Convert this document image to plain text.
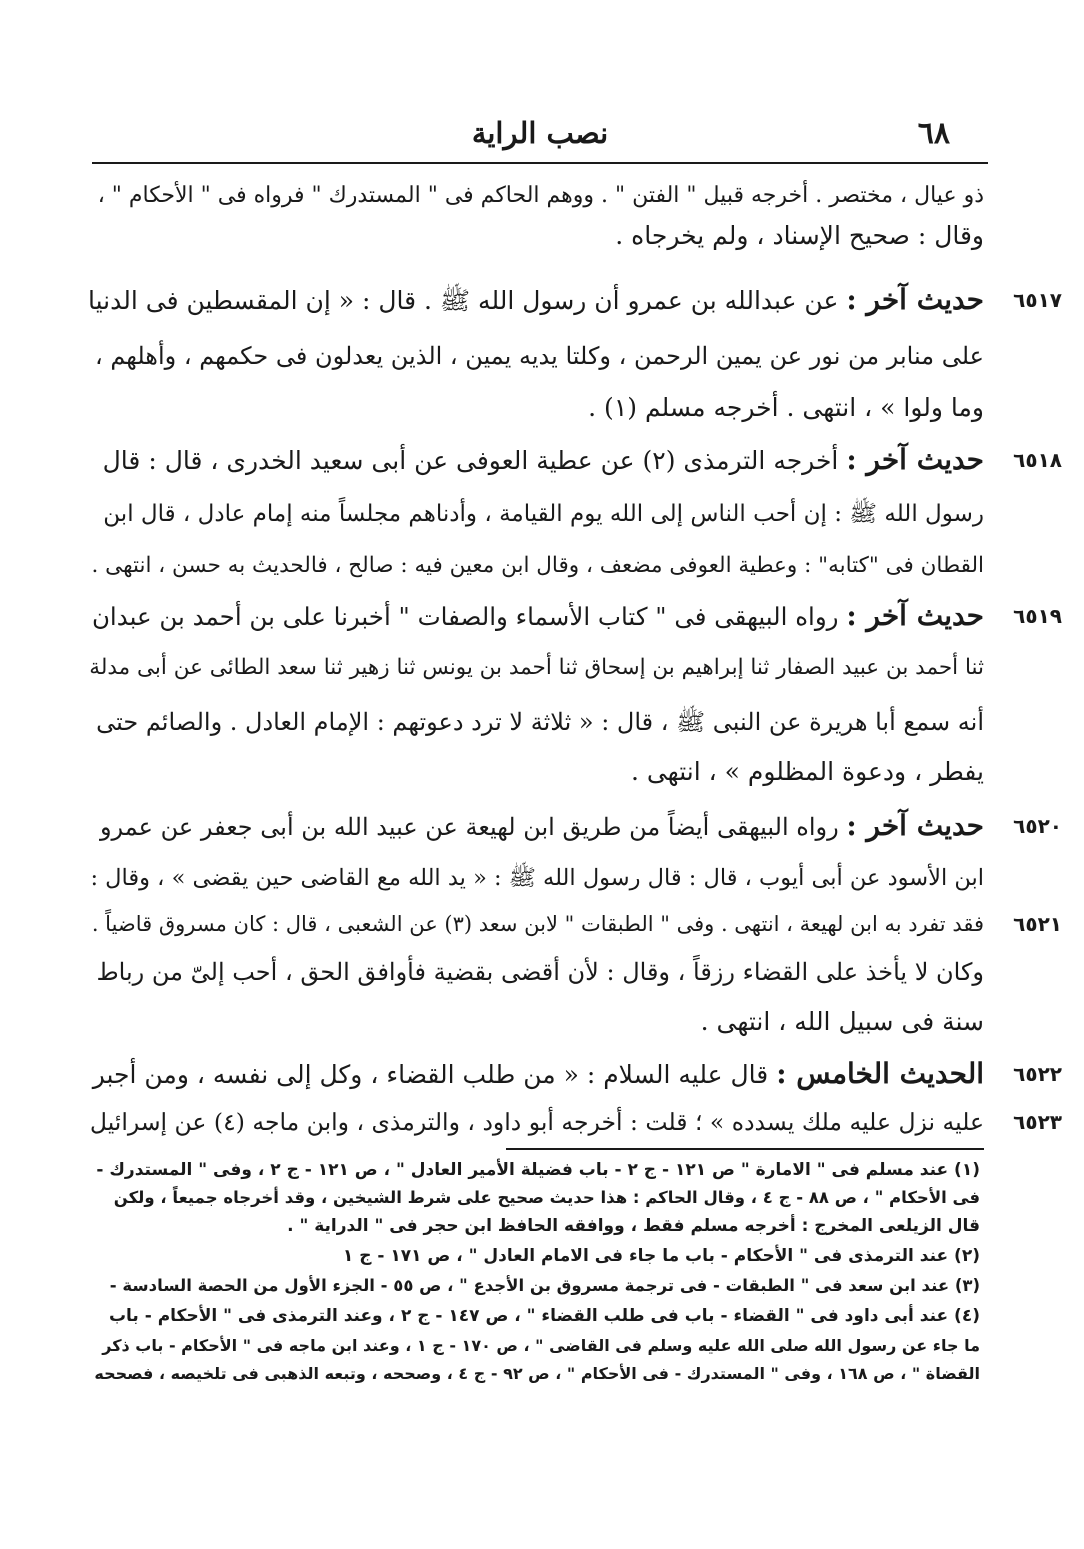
٦٨
نصب الراية
ذو عيال ، مختصر . أخرجه قبيل " الفتن " . ووهم الحاكم فى " المستدرك " فرواه فى " الأحكام " ،
وقال : صحيح الإسناد ، ولم يخرجاه .
٦٥١٧
حديث آخر : عن عبدالله بن عمرو أن رسول الله ﷺ . قال : « إن المقسطين فى الدنيا
على منابر من نور عن يمين الرحمن ، وكلتا يديه يمين ، الذين يعدلون فى حكمهم ، وأهلهم ،
وما ولوا » ، انتهى . أخرجه مسلم (١) .
٦٥١٨
حديث آخر : أخرجه الترمذى (٢) عن عطية العوفى عن أبى سعيد الخدرى ، قال : قال
رسول الله ﷺ : إن أحب الناس إلى الله يوم القيامة ، وأدناهم مجلساً منه إمام عادل ، قال ابن
القطان فى "كتابه" : وعطية العوفى مضعف ، وقال ابن معين فيه : صالح ، فالحديث به حسن ، انتهى .
٦٥١٩
حديث آخر : رواه البيهقى فى " كتاب الأسماء والصفات " أخبرنا على بن أحمد بن عبدان
ثنا أحمد بن عبيد الصفار ثنا إبراهيم بن إسحاق ثنا أحمد بن يونس ثنا زهير ثنا سعد الطائى عن أبى مدلة
أنه سمع أبا هريرة عن النبى ﷺ ، قال : « ثلاثة لا ترد دعوتهم : الإمام العادل . والصائم حتى
يفطر ، ودعوة المظلوم » ، انتهى .
٦٥٢٠
حديث آخر : رواه البيهقى أيضاً من طريق ابن لهيعة عن عبيد الله بن أبى جعفر عن عمرو
ابن الأسود عن أبى أيوب ، قال : قال رسول الله ﷺ : « يد الله مع القاضى حين يقضى » ، وقال :
٦٥٢١
فقد تفرد به ابن لهيعة ، انتهى . وفى " الطبقات " لابن سعد (٣) عن الشعبى ، قال : كان مسروق قاضياً .
وكان لا يأخذ على القضاء رزقاً ، وقال : لأن أقضى بقضية فأوافق الحق ، أحب إلىّ من رباط
سنة فى سبيل الله ، انتهى .
٦٥٢٢
الحديث الخامس : قال عليه السلام : « من طلب القضاء ، وكل إلى نفسه ، ومن أجبر
٦٥٢٣
عليه نزل عليه ملك يسدده » ؛ قلت : أخرجه أبو داود ، والترمذى ، وابن ماجه (٤) عن إسرائيل
(١) عند مسلم فى " الامارة " ص ١٢١ - ج ٢ - باب فضيلة الأمير العادل " ، ص ١٢١ - ج ٢ ، وفى " المستدرك -
فى الأحكام " ، ص ٨٨ - ج ٤ ، وقال الحاكم : هذا حديث صحيح على شرط الشيخين ، وقد أخرجاه جميعاً ، ولكن
قال الزيلعى المخرج : أخرجه مسلم فقط ، ووافقه الحافظ ابن حجر فى " الدراية " .
(٢) عند الترمذى فى " الأحكام - باب ما جاء فى الامام العادل " ، ص ١٧١ - ج ١
(٣) عند ابن سعد فى " الطبقات - فى ترجمة مسروق بن الأجدع " ، ص ٥٥ - الجزء الأول من الحصة السادسة -
(٤) عند أبى داود فى " القضاء - باب فى طلب القضاء " ، ص ١٤٧ - ج ٢ ، وعند الترمذى فى " الأحكام - باب
ما جاء عن رسول الله صلى الله عليه وسلم فى القاضى " ، ص ١٧٠ - ج ١ ، وعند ابن ماجه فى " الأحكام - باب ذكر
القضاة " ، ص ١٦٨ ، وفى " المستدرك - فى الأحكام " ، ص ٩٢ - ج ٤ ، وصححه ، وتبعه الذهبى فى تلخيصه ، فصححه
